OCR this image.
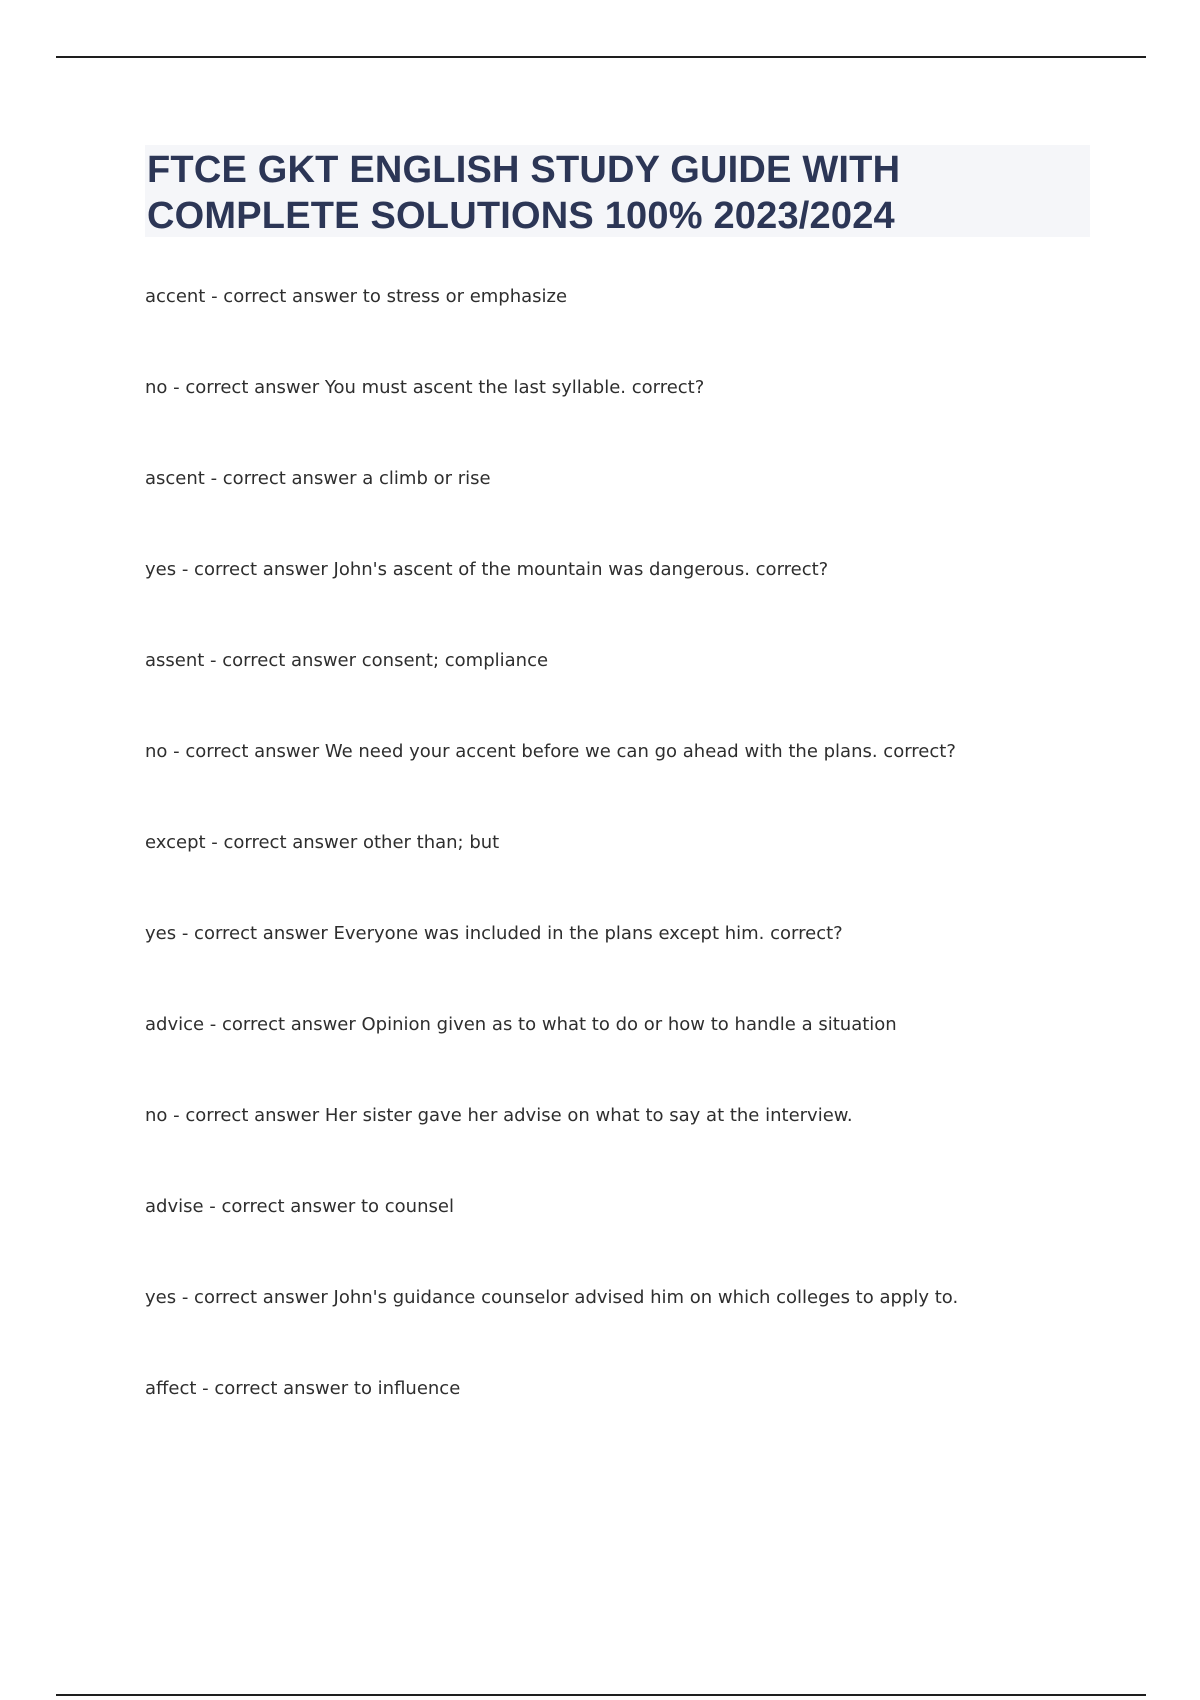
FTCE GKT ENGLISH STUDY GUIDE WITH
COMPLETE SOLUTIONS 100% 2023/2024
accent - correct answer to stress or emphasize
no - correct answer You must ascent the last syllable. correct?
ascent - correct answer a climb or rise
yes - correct answer John's ascent of the mountain was dangerous. correct?
assent - correct answer consent; compliance
no - correct answer We need your accent before we can go ahead with the plans. correct?
except - correct answer other than; but
yes - correct answer Everyone was included in the plans except him. correct?
advice - correct answer Opinion given as to what to do or how to handle a situation
no - correct answer Her sister gave her advise on what to say at the interview.
advise - correct answer to counsel
yes - correct answer John's guidance counselor advised him on which colleges to apply to.
affect - correct answer to influence
